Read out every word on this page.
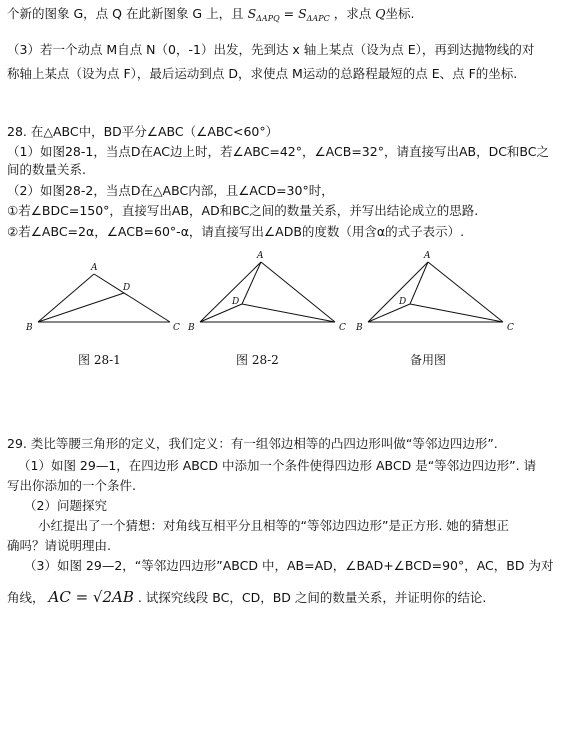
个新的图象 G，点 Q 在此新图象 G 上，且 $S_{\Delta APQ} = S_{\Delta APC}$ ，求点 Q坐标.
（3）若一个动点 M自点 N（0，-1）出发，先到达 x 轴上某点（设为点 E），再到达抛物线的对
称轴上某点（设为点 F），最后运动到点 D，求使点 M运动的总路程最短的点 E、点 F的坐标.
28. 在△ABC中，BD平分∠ABC（∠ABC<60°）
（1）如图28-1，当点D在AC边上时，若∠ABC=42°，∠ACB=32°，请直接写出AB，DC和BC之
间的数量关系.
（2）如图28-2，当点D在△ABC内部，且∠ACD=30°时，
①若∠BDC=150°，直接写出AB，AD和BC之间的数量关系，并写出结论成立的思路.
②若∠ABC=2α，∠ACB=60°-α，请直接写出∠ADB的度数（用含α的式子表示）.
A
B	C
D
A
B	C
D
A
B	C
D
图 28-1	图 28-2	备用图
29. 类比等腰三角形的定义，我们定义：有一组邻边相等的凸四边形叫做“等邻边四边形”.
（1）如图 29—1，在四边形 ABCD 中添加一个条件使得四边形 ABCD 是“等邻边四边形”. 请
写出你添加的一个条件.
（2）问题探究
小红提出了一个猜想：对角线互相平分且相等的“等邻边四边形”是正方形. 她的猜想正
确吗？请说明理由.
（3）如图 29—2，“等邻边四边形”ABCD 中，AB=AD，∠BAD+∠BCD=90°，AC，BD 为对
角线， AC = √2AB . 试探究线段 BC，CD，BD 之间的数量关系，并证明你的结论.
